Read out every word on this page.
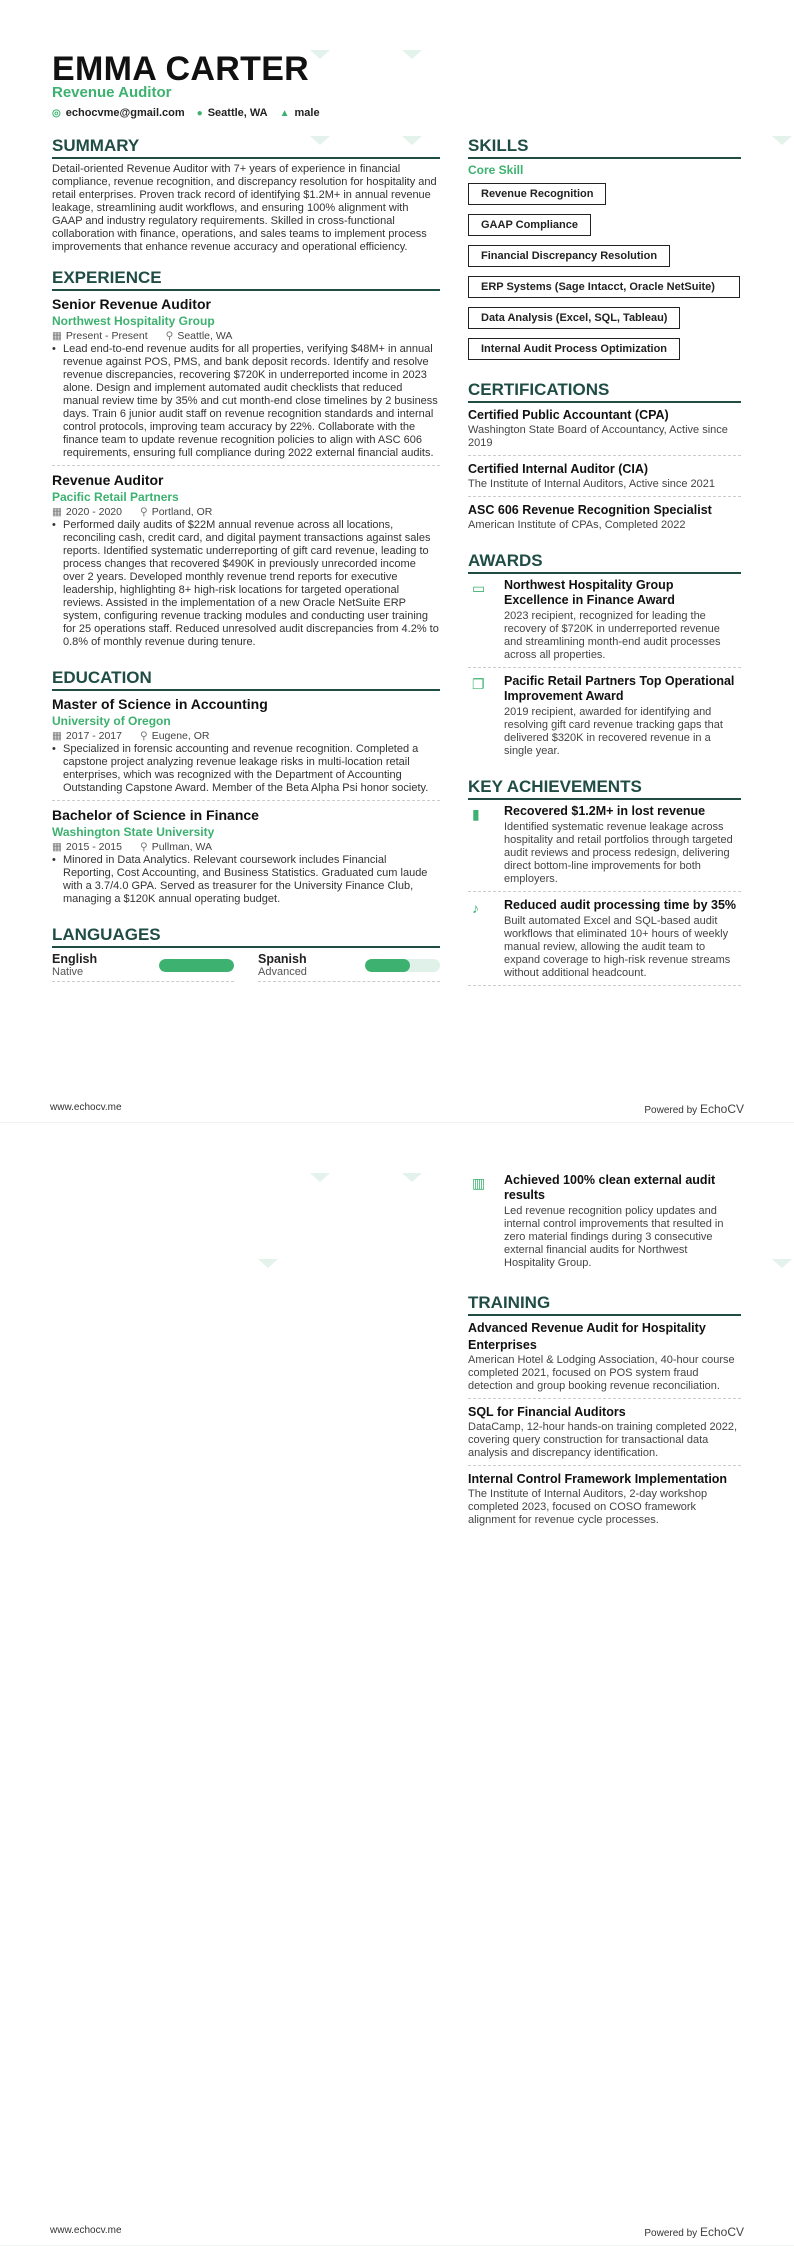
EMMA CARTER
Revenue Auditor
◎ echocvme@gmail.com ● Seattle, WA ▲ male
SUMMARY

Detail-oriented Revenue Auditor with 7+ years of experience in financial compliance, revenue recognition, and discrepancy resolution for hospitality and retail enterprises. Proven track record of identifying $1.2M+ in annual revenue leakage, streamlining audit workflows, and ensuring 100% alignment with GAAP and industry regulatory requirements. Skilled in cross-functional collaboration with finance, operations, and sales teams to implement process improvements that enhance revenue accuracy and operational efficiency.

EXPERIENCE
Senior Revenue Auditor
Northwest Hospitality Group
▦ Present - Present ⚲ Seattle, WA
• Lead end-to-end revenue audits for all properties, verifying $48M+ in annual revenue against POS, PMS, and bank deposit records. Identify and resolve revenue discrepancies, recovering $720K in underreported income in 2023 alone. Design and implement automated audit checklists that reduced manual review time by 35% and cut month-end close timelines by 2 business days. Train 6 junior audit staff on revenue recognition standards and internal control protocols, improving team accuracy by 22%. Collaborate with the finance team to update revenue recognition policies to align with ASC 606 requirements, ensuring full compliance during 2022 external financial audits.
Revenue Auditor
Pacific Retail Partners
▦ 2020 - 2020 ⚲ Portland, OR
• Performed daily audits of $22M annual revenue across all locations, reconciling cash, credit card, and digital payment transactions against sales reports. Identified systematic underreporting of gift card revenue, leading to process changes that recovered $490K in previously unrecorded income over 2 years. Developed monthly revenue trend reports for executive leadership, highlighting 8+ high-risk locations for targeted operational reviews. Assisted in the implementation of a new Oracle NetSuite ERP system, configuring revenue tracking modules and conducting user training for 25 operations staff. Reduced unresolved audit discrepancies from 4.2% to 0.8% of monthly revenue during tenure.
EDUCATION
Master of Science in Accounting
University of Oregon
▦ 2017 - 2017 ⚲ Eugene, OR
• Specialized in forensic accounting and revenue recognition. Completed a capstone project analyzing revenue leakage risks in multi-location retail enterprises, which was recognized with the Department of Accounting Outstanding Capstone Award. Member of the Beta Alpha Psi honor society.
Bachelor of Science in Finance
Washington State University
▦ 2015 - 2015 ⚲ Pullman, WA
• Minored in Data Analytics. Relevant coursework includes Financial Reporting, Cost Accounting, and Business Statistics. Graduated cum laude with a 3.7/4.0 GPA. Served as treasurer for the University Finance Club, managing a $120K annual operating budget.
LANGUAGES
English
Native
Spanish
Advanced
SKILLS
Core Skill
Revenue Recognition
GAAP Compliance
Financial Discrepancy Resolution
ERP Systems (Sage Intacct, Oracle NetSuite)
Data Analysis (Excel, SQL, Tableau)
Internal Audit Process Optimization
CERTIFICATIONS
Certified Public Accountant (CPA)
Washington State Board of Accountancy, Active since 2019
Certified Internal Auditor (CIA)
The Institute of Internal Auditors, Active since 2021
ASC 606 Revenue Recognition Specialist
American Institute of CPAs, Completed 2022
AWARDS
▭	Northwest Hospitality Group Excellence in Finance Award
2023 recipient, recognized for leading the recovery of $720K in underreported revenue and streamlining month-end audit processes across all properties.
❐	Pacific Retail Partners Top Operational Improvement Award
2019 recipient, awarded for identifying and resolving gift card revenue tracking gaps that delivered $320K in recovered revenue in a single year.
KEY ACHIEVEMENTS
▮	Recovered $1.2M+ in lost revenue
Identified systematic revenue leakage across hospitality and retail portfolios through targeted audit reviews and process redesign, delivering direct bottom-line improvements for both employers.
♪	Reduced audit processing time by 35%
Built automated Excel and SQL-based audit workflows that eliminated 10+ hours of weekly manual review, allowing the audit team to expand coverage to high-risk revenue streams without additional headcount.
www.echocv.me	Powered by EchoCV
▥	Achieved 100% clean external audit results
Led revenue recognition policy updates and internal control improvements that resulted in zero material findings during 3 consecutive external financial audits for Northwest Hospitality Group.
TRAINING
Advanced Revenue Audit for Hospitality Enterprises
American Hotel & Lodging Association, 40-hour course completed 2021, focused on POS system fraud detection and group booking revenue reconciliation.
SQL for Financial Auditors
DataCamp, 12-hour hands-on training completed 2022, covering query construction for transactional data analysis and discrepancy identification.
Internal Control Framework Implementation
The Institute of Internal Auditors, 2-day workshop completed 2023, focused on COSO framework alignment for revenue cycle processes.
www.echocv.me	Powered by EchoCV
